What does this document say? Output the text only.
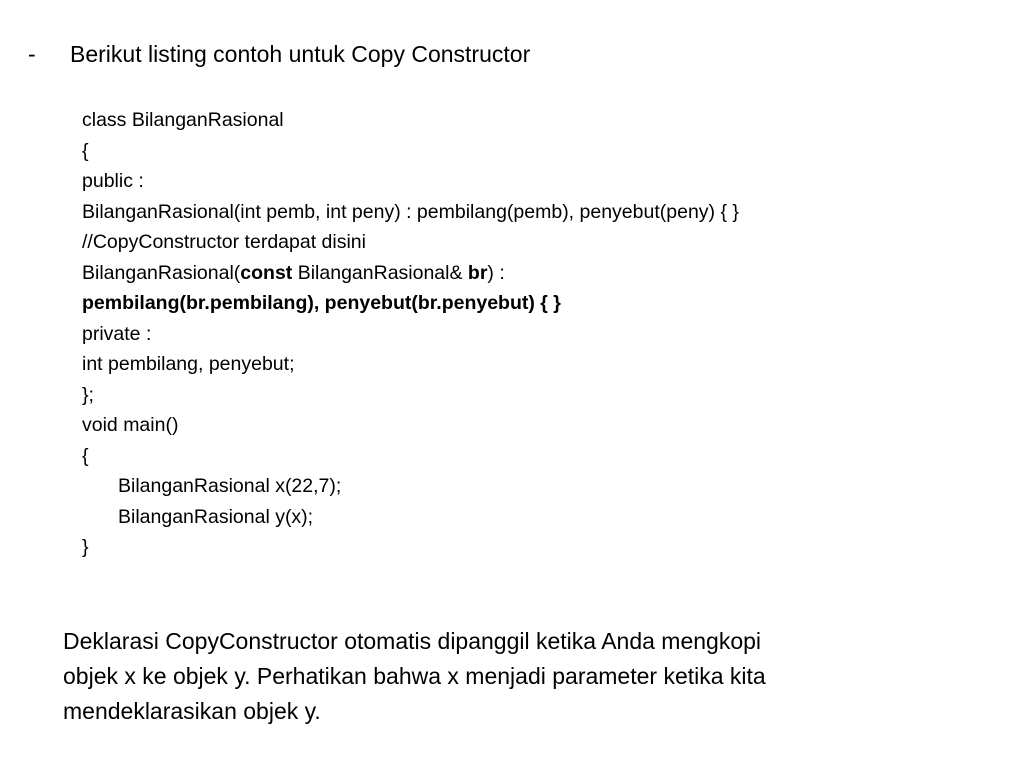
- Berikut listing contoh untuk Copy Constructor
class BilanganRasional
{
public :
BilanganRasional(int pemb, int peny) : pembilang(pemb), penyebut(peny) { }
//CopyConstructor terdapat disini
BilanganRasional(const BilanganRasional& br) :
pembilang(br.pembilang), penyebut(br.penyebut) { }
private :
int pembilang, penyebut;
};
void main()
{
BilanganRasional x(22,7);
BilanganRasional y(x);
}
Deklarasi CopyConstructor otomatis dipanggil ketika Anda mengkopi
objek x ke objek y. Perhatikan bahwa x menjadi parameter ketika kita
mendeklarasikan objek y.
